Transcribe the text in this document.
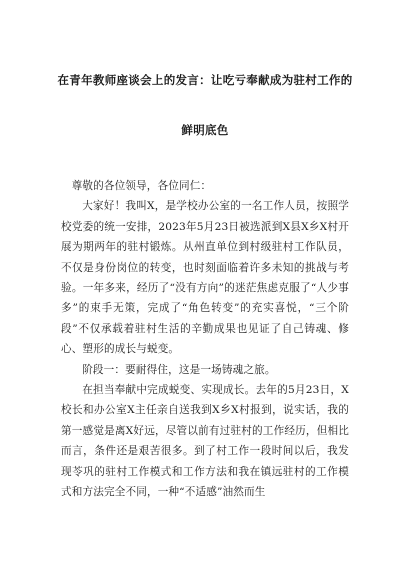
在青年教师座谈会上的发言：让吃亏奉献成为驻村工作的
鲜明底色

尊敬的各位领导，各位同仁：

大家好！我叫X，是学校办公室的一名工作人员，按照学校党委的统一安排，2023年5月23日被选派到X县X乡X村开展为期两年的驻村锻炼。从州直单位到村级驻村工作队员，不仅是身份岗位的转变，也时刻面临着许多未知的挑战与考验。一年多来，经历了“没有方向”的迷茫焦虑克服了“人少事多”的束手无策，完成了“角色转变”的充实喜悦，“三个阶段”不仅承载着驻村生活的辛勤成果也见证了自己铸魂、修心、塑形的成长与蜕变。

阶段一：要耐得住，这是一场铸魂之旅。

在担当奉献中完成蜕变、实现成长。去年的5月23日，X校长和办公室X主任亲自送我到X乡X村报到，说实话，我的第一感觉是离X好远，尽管以前有过驻村的工作经历，但相比而言，条件还是艰苦很多。到了村工作一段时间以后，我发现苓巩的驻村工作模式和工作方法和我在镇远驻村的工作模式和方法完全不同，一种“不适感”油然而生
